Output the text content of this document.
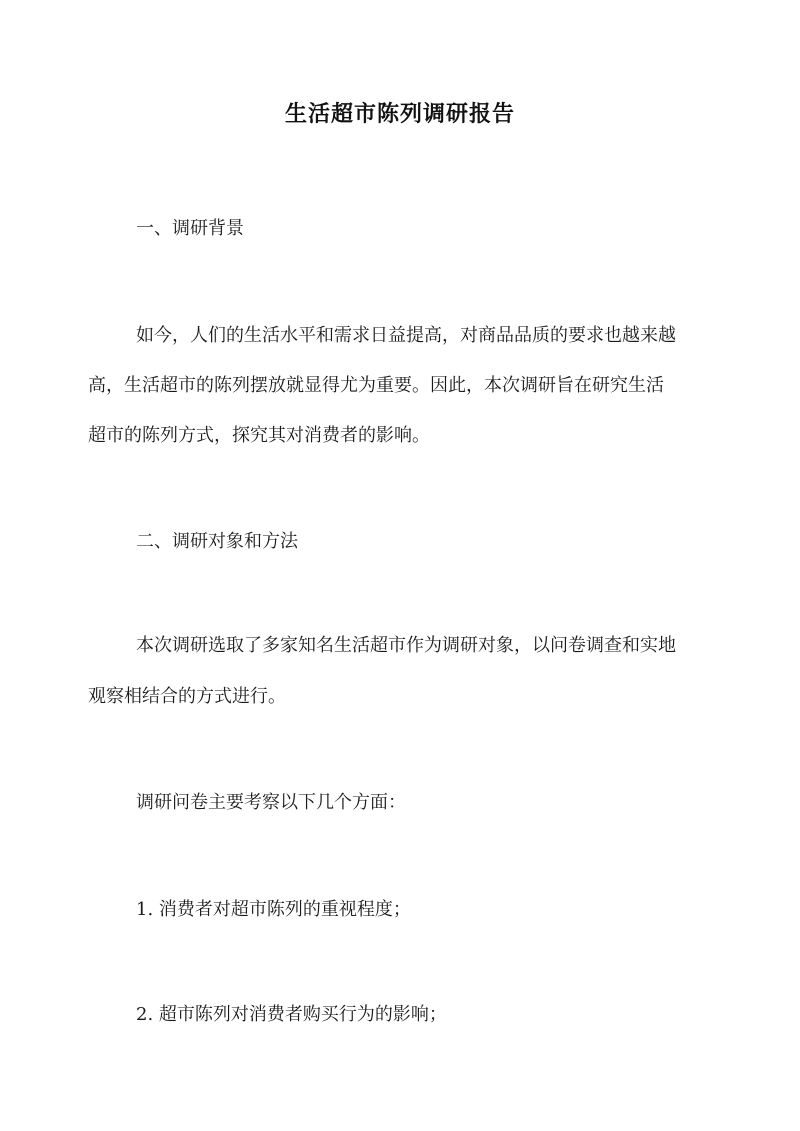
生活超市陈列调研报告
一、调研背景
如今，人们的生活水平和需求日益提高，对商品品质的要求也越来越
高，生活超市的陈列摆放就显得尤为重要。因此，本次调研旨在研究生活
超市的陈列方式，探究其对消费者的影响。
二、调研对象和方法
本次调研选取了多家知名生活超市作为调研对象，以问卷调查和实地
观察相结合的方式进行。
调研问卷主要考察以下几个方面：
1. 消费者对超市陈列的重视程度；
2. 超市陈列对消费者购买行为的影响；
